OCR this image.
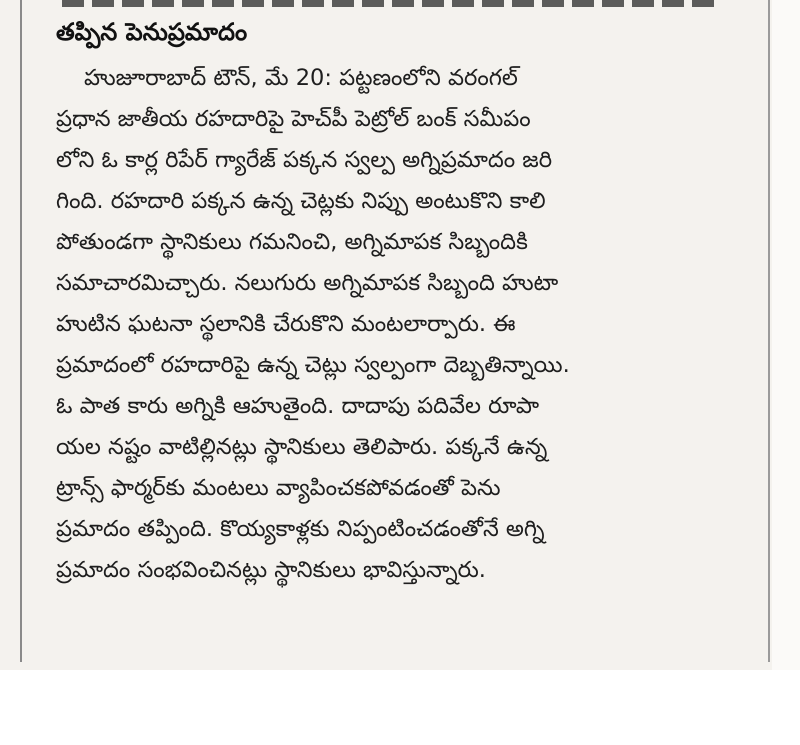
తప్పిన పెనుప్రమాదం
హుజూరాబాద్ టౌన్, మే 20: పట్టణంలోని వరంగల్
ప్రధాన జాతీయ రహదారిపై హెచ్‌పీ పెట్రోల్ బంక్ సమీపం
లోని ఓ కార్ల రిపేర్ గ్యారేజ్ పక్కన స్వల్ప అగ్నిప్రమాదం జరి
గింది. రహదారి పక్కన ఉన్న చెట్లకు నిప్పు అంటుకొని కాలి
పోతుండగా స్థానికులు గమనించి, అగ్నిమాపక సిబ్బందికి
సమాచారమిచ్చారు. నలుగురు అగ్నిమాపక సిబ్బంది హుటా
హుటిన ఘటనా స్థలానికి చేరుకొని మంటలార్పారు. ఈ
ప్రమాదంలో రహదారిపై ఉన్న చెట్లు స్వల్పంగా దెబ్బతిన్నాయి.
ఓ పాత కారు అగ్నికి ఆహుతైంది. దాదాపు పదివేల రూపా
యల నష్టం వాటిల్లినట్లు స్థానికులు తెలిపారు. పక్కనే ఉన్న
ట్రాన్స్ ఫార్మర్‌కు మంటలు వ్యాపించకపోవడంతో పెను
ప్రమాదం తప్పింది. కొయ్యకాళ్లకు నిప్పంటించడంతోనే అగ్ని
ప్రమాదం సంభవించినట్లు స్థానికులు భావిస్తున్నారు.
